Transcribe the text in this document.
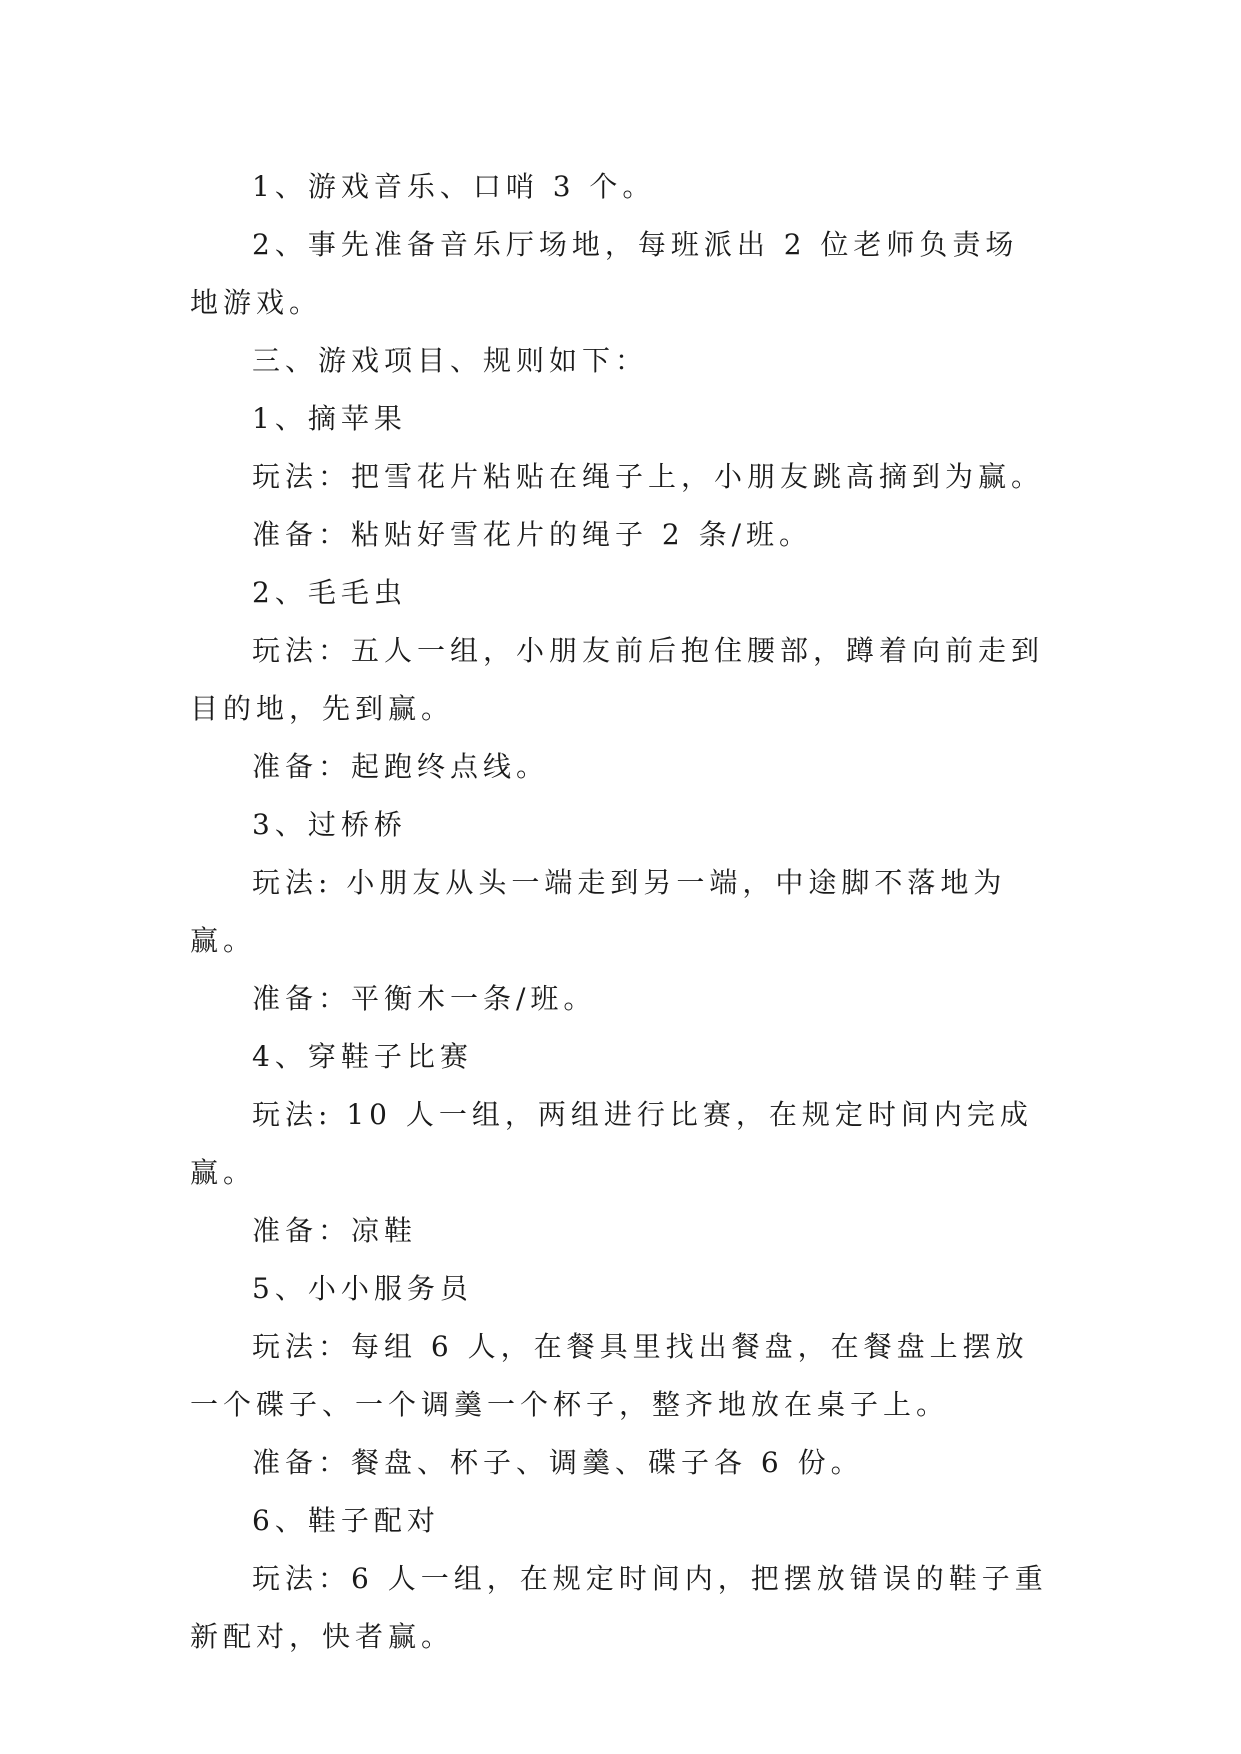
1、游戏音乐、口哨 3 个。

2、事先准备音乐厅场地，每班派出 2 位老师负责场地游戏。

三、游戏项目、规则如下：

1、摘苹果

玩法：把雪花片粘贴在绳子上，小朋友跳高摘到为赢。

准备：粘贴好雪花片的绳子 2 条/班。

2、毛毛虫

玩法：五人一组，小朋友前后抱住腰部，蹲着向前走到目的地，先到赢。

准备：起跑终点线。

3、过桥桥

玩法: 小朋友从头一端走到另一端，中途脚不落地为赢。

准备：平衡木一条/班。

4、穿鞋子比赛

玩法: 10 人一组，两组进行比赛，在规定时间内完成赢。

准备：凉鞋

5、小小服务员

玩法：每组 6 人，在餐具里找出餐盘，在餐盘上摆放一个碟子、一个调羹一个杯子，整齐地放在桌子上。

准备：餐盘、杯子、调羹、碟子各 6 份。

6、鞋子配对

玩法：6 人一组，在规定时间内，把摆放错误的鞋子重新配对，快者赢。
